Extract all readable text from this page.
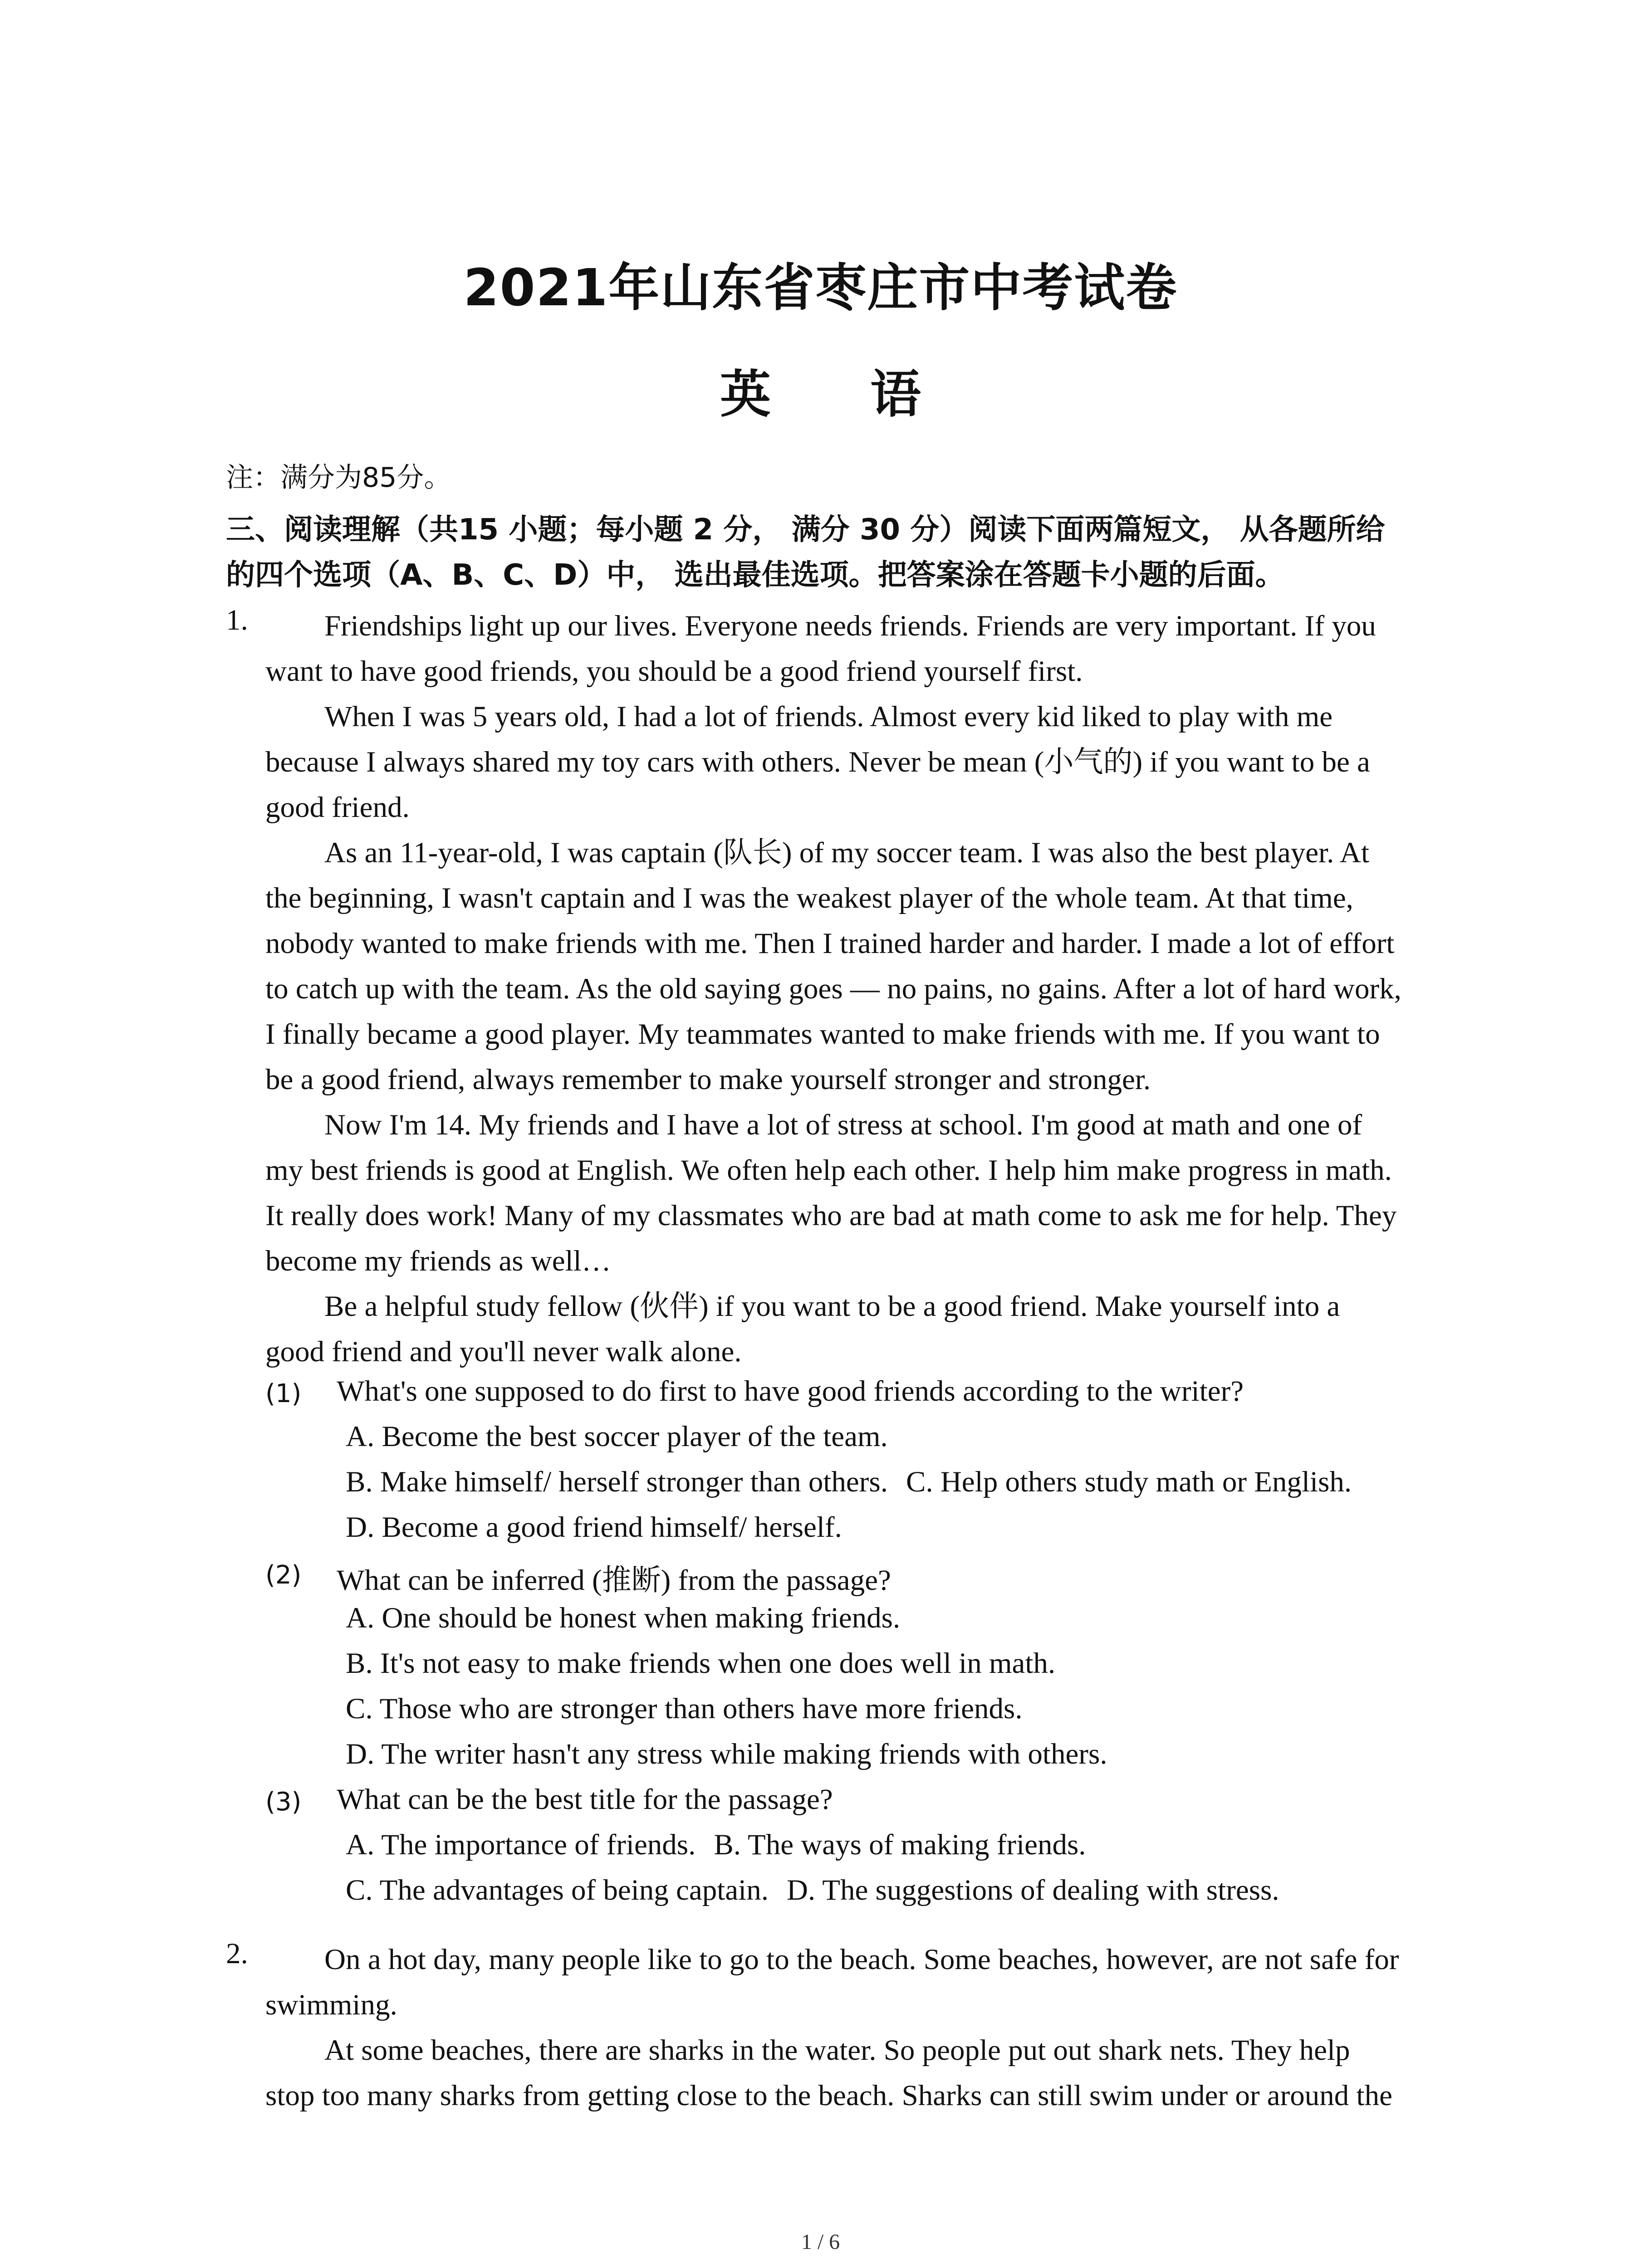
2021年山东省枣庄市中考试卷
英 语
注：满分为85分。
三、阅读理解（共15 小题；每小题 2 分， 满分 30 分）阅读下面两篇短文， 从各题所给
的四个选项（A、B、C、D）中， 选出最佳选项。把答案涂在答题卡小题的后面。
1.	Friendships light up our lives. Everyone needs friends. Friends are very important. If you
want to have good friends, you should be a good friend yourself first.
When I was 5 years old, I had a lot of friends. Almost every kid liked to play with me
because I always shared my toy cars with others. Never be mean (小气的) if you want to be a
good friend.
As an 11-year-old, I was captain (队长) of my soccer team. I was also the best player. At
the beginning, I wasn't captain and I was the weakest player of the whole team. At that time,
nobody wanted to make friends with me. Then I trained harder and harder. I made a lot of effort
to catch up with the team. As the old saying goes — no pains, no gains. After a lot of hard work,
I finally became a good player. My teammates wanted to make friends with me. If you want to
be a good friend, always remember to make yourself stronger and stronger.
Now I'm 14. My friends and I have a lot of stress at school. I'm good at math and one of
my best friends is good at English. We often help each other. I help him make progress in math.
It really does work! Many of my classmates who are bad at math come to ask me for help. They
become my friends as well…
Be a helpful study fellow (伙伴) if you want to be a good friend. Make yourself into a
good friend and you'll never walk alone.
(1) What's one supposed to do first to have good friends according to the writer?
A. Become the best soccer player of the team.
B. Make himself/ herself stronger than others. C. Help others study math or English.
D. Become a good friend himself/ herself.
(2) What can be inferred (推断) from the passage?
A. One should be honest when making friends.
B. It's not easy to make friends when one does well in math.
C. Those who are stronger than others have more friends.
D. The writer hasn't any stress while making friends with others.
(3) What can be the best title for the passage?
A. The importance of friends. B. The ways of making friends.
C. The advantages of being captain. D. The suggestions of dealing with stress.
2.	On a hot day, many people like to go to the beach. Some beaches, however, are not safe for
swimming.
At some beaches, there are sharks in the water. So people put out shark nets. They help
stop too many sharks from getting close to the beach. Sharks can still swim under or around the
1 / 6
